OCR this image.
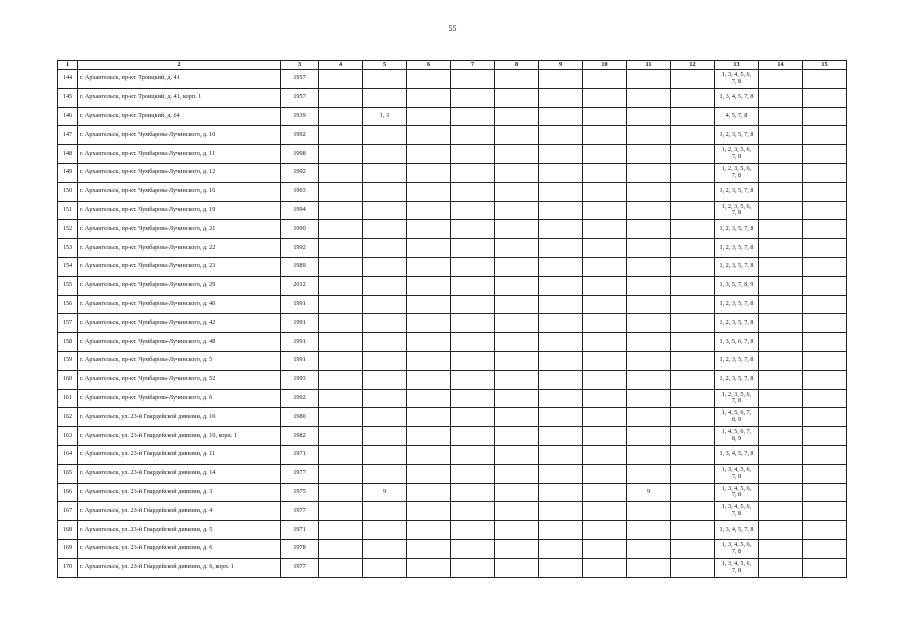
55
1	2	3	4	5	6	7	8	9	10	11	12	13	14	15
144	г. Архангельск, пр-кт. Троицкий, д. 41	1957										1, 3, 4, 5, 6,
7, 8		

145	г. Архангельск, пр-кт. Троицкий, д. 41, корп. 1	1957										1, 3, 4, 5, 7, 8		

146	г. Архангельск, пр-кт. Троицкий, д. 64	1939		1, 3								4, 5, 7, 8		

147	г. Архангельск, пр-кт. Чумбарова-Лучинского, д. 10	1992										1, 2, 3, 5, 7, 8		

148	г. Архангельск, пр-кт. Чумбарова-Лучинского, д. 11	1908										1, 2, 3, 5, 6,
7, 8		

149	г. Архангельск, пр-кт. Чумбарова-Лучинского, д. 12	1992										1, 2, 3, 5, 6,
7, 8		

150	г. Архангельск, пр-кт. Чумбарова-Лучинского, д. 16	1903										1, 2, 3, 5, 7, 8		

151	г. Архангельск, пр-кт. Чумбарова-Лучинского, д. 19	1994										1, 2, 3, 5, 6,
7, 8		

152	г. Архангельск, пр-кт. Чумбарова-Лучинского, д. 21	1990										1, 2, 3, 5, 7, 8		

153	г. Архангельск, пр-кт. Чумбарова-Лучинского, д. 22	1992										1, 2, 3, 5, 7, 8		

154	г. Архангельск, пр-кт. Чумбарова-Лучинского, д. 23	1989										1, 2, 3, 5, 7, 8		

155	г. Архангельск, пр-кт. Чумбарова-Лучинского, д. 29	2012										1, 3, 5, 7, 8, 9		

156	г. Архангельск, пр-кт. Чумбарова-Лучинского, д. 40	1991										1, 2, 3, 5, 7, 8		

157	г. Архангельск, пр-кт. Чумбарова-Лучинского, д. 42	1991										1, 2, 3, 5, 7, 8		

158	г. Архангельск, пр-кт. Чумбарова-Лучинского, д. 48	1991										1, 3, 5, 6, 7, 8		

159	г. Архангельск, пр-кт. Чумбарова-Лучинского, д. 5	1991										1, 2, 3, 5, 7, 8		

160	г. Архангельск, пр-кт. Чумбарова-Лучинского, д. 52	1993										1, 2, 3, 5, 7, 8		

161	г. Архангельск, пр-кт. Чумбарова-Лучинского, д. 6	1992										1, 2, 3, 5, 6,
7, 8		

162	г. Архангельск, ул. 23-й Гвардейской дивизии, д. 10	1980										1, 4, 5, 6, 7,
8, 9		

163	г. Архангельск, ул. 23-й Гвардейской дивизии, д. 10, корп. 1	1982										1, 4, 5, 6, 7,
8, 9		

164	г. Архангельск, ул. 23-й Гвардейской дивизии, д. 11	1971										1, 3, 4, 5, 7, 8		

165	г. Архангельск, ул. 23-й Гвардейской дивизии, д. 14	1977										1, 3, 4, 5, 6,
7, 8		

166	г. Архангельск, ул. 23-й Гвардейской дивизии, д. 3	1975		9						9		1, 3, 4, 5, 6,
7, 8		

167	г. Архангельск, ул. 23-й Гвардейской дивизии, д. 4	1977										1, 3, 4, 5, 6,
7, 8		

168	г. Архангельск, ул. 23-й Гвардейской дивизии, д. 5	1971										1, 3, 4, 5, 7, 8		

169	г. Архангельск, ул. 23-й Гвардейской дивизии, д. 6	1978										1, 3, 4, 5, 6,
7, 8		

170	г. Архангельск, ул. 23-й Гвардейской дивизии, д. 6, корп. 1	1977										1, 3, 4, 5, 6,
7, 8		
